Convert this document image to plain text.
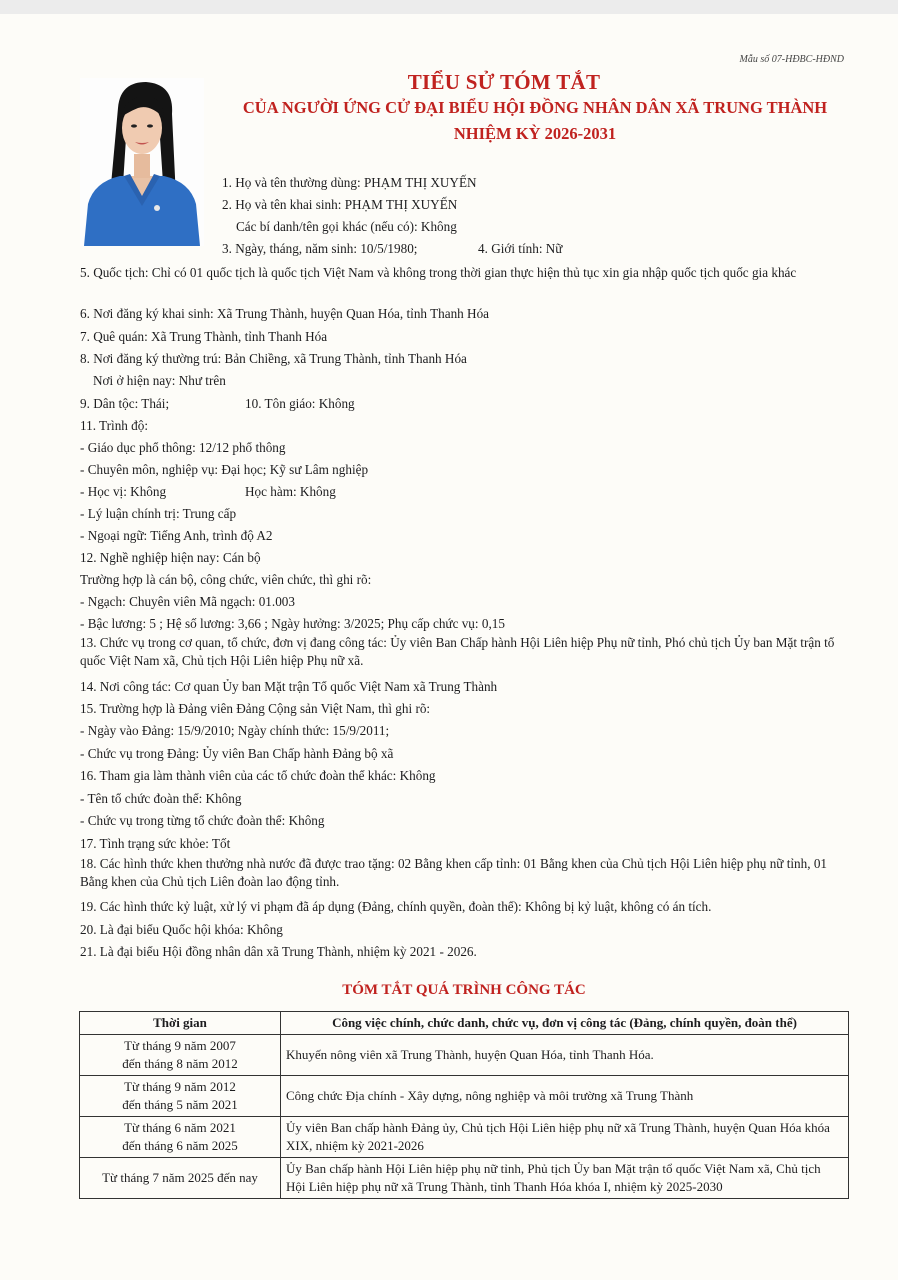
Mẫu số 07-HĐBC-HĐND
TIỂU SỬ TÓM TẮT
CỦA NGƯỜI ỨNG CỬ ĐẠI BIỂU HỘI ĐỒNG NHÂN DÂN XÃ TRUNG THÀNH
NHIỆM KỲ 2026-2031
1. Họ và tên thường dùng: PHẠM THỊ XUYẾN
2. Họ và tên khai sinh: PHẠM THỊ XUYẾN
Các bí danh/tên gọi khác (nếu có): Không
3. Ngày, tháng, năm sinh: 10/5/1980;	4. Giới tính: Nữ
5. Quốc tịch: Chỉ có 01 quốc tịch là quốc tịch Việt Nam và không trong thời gian thực hiện thủ tục xin gia nhập quốc tịch quốc gia khác
6. Nơi đăng ký khai sinh: Xã Trung Thành, huyện Quan Hóa, tỉnh Thanh Hóa
7. Quê quán: Xã Trung Thành, tỉnh Thanh Hóa
8. Nơi đăng ký thường trú: Bản Chiềng, xã Trung Thành, tỉnh Thanh Hóa
Nơi ở hiện nay: Như trên
9. Dân tộc: Thái;	10. Tôn giáo: Không
11. Trình độ:
- Giáo dục phổ thông: 12/12 phổ thông
- Chuyên môn, nghiệp vụ: Đại học; Kỹ sư Lâm nghiệp
- Học vị: Không	Học hàm: Không
- Lý luận chính trị: Trung cấp
- Ngoại ngữ: Tiếng Anh, trình độ A2
12. Nghề nghiệp hiện nay: Cán bộ
Trường hợp là cán bộ, công chức, viên chức, thì ghi rõ:
- Ngạch: Chuyên viên Mã ngạch: 01.003
- Bậc lương: 5 ; Hệ số lương: 3,66 ; Ngày hưởng: 3/2025; Phụ cấp chức vụ: 0,15
13. Chức vụ trong cơ quan, tổ chức, đơn vị đang công tác: Ủy viên Ban Chấp hành Hội Liên hiệp Phụ nữ tỉnh, Phó chủ tịch Ủy ban Mặt trận tổ quốc Việt Nam xã, Chủ tịch Hội Liên hiệp Phụ nữ xã.
14. Nơi công tác: Cơ quan Ủy ban Mặt trận Tổ quốc Việt Nam xã Trung Thành
15. Trường hợp là Đảng viên Đảng Cộng sản Việt Nam, thì ghi rõ:
- Ngày vào Đảng: 15/9/2010; Ngày chính thức: 15/9/2011;
- Chức vụ trong Đảng: Ủy viên Ban Chấp hành Đảng bộ xã
16. Tham gia làm thành viên của các tổ chức đoàn thể khác: Không
- Tên tổ chức đoàn thể: Không
- Chức vụ trong từng tổ chức đoàn thể: Không
17. Tình trạng sức khỏe: Tốt
18. Các hình thức khen thưởng nhà nước đã được trao tặng: 02 Bằng khen cấp tỉnh: 01 Bằng khen của Chủ tịch Hội Liên hiệp phụ nữ tỉnh, 01 Bằng khen của Chủ tịch Liên đoàn lao động tỉnh.
19. Các hình thức kỷ luật, xử lý vi phạm đã áp dụng (Đảng, chính quyền, đoàn thể): Không bị kỷ luật, không có án tích.
20. Là đại biểu Quốc hội khóa: Không
21. Là đại biểu Hội đồng nhân dân xã Trung Thành, nhiệm kỳ 2021 - 2026.
TÓM TẮT QUÁ TRÌNH CÔNG TÁC
Thời gian	Công việc chính, chức danh, chức vụ, đơn vị công tác (Đảng, chính quyền, đoàn thể)
Từ tháng 9 năm 2007
đến tháng 8 năm 2012	Khuyến nông viên xã Trung Thành, huyện Quan Hóa, tỉnh Thanh Hóa.
Từ tháng 9 năm 2012
đến tháng 5 năm 2021	Công chức Địa chính - Xây dựng, nông nghiệp và môi trường xã Trung Thành
Từ tháng 6 năm 2021
đến tháng 6 năm 2025	Ủy viên Ban chấp hành Đảng ủy, Chủ tịch Hội Liên hiệp phụ nữ xã Trung Thành, huyện Quan Hóa khóa XIX, nhiệm kỳ 2021-2026
Từ tháng 7 năm 2025 đến nay	Ủy Ban chấp hành Hội Liên hiệp phụ nữ tỉnh, Phủ tịch Ủy ban Mặt trận tổ quốc Việt Nam xã, Chủ tịch Hội Liên hiệp phụ nữ xã Trung Thành, tỉnh Thanh Hóa khóa I, nhiệm kỳ 2025-2030
